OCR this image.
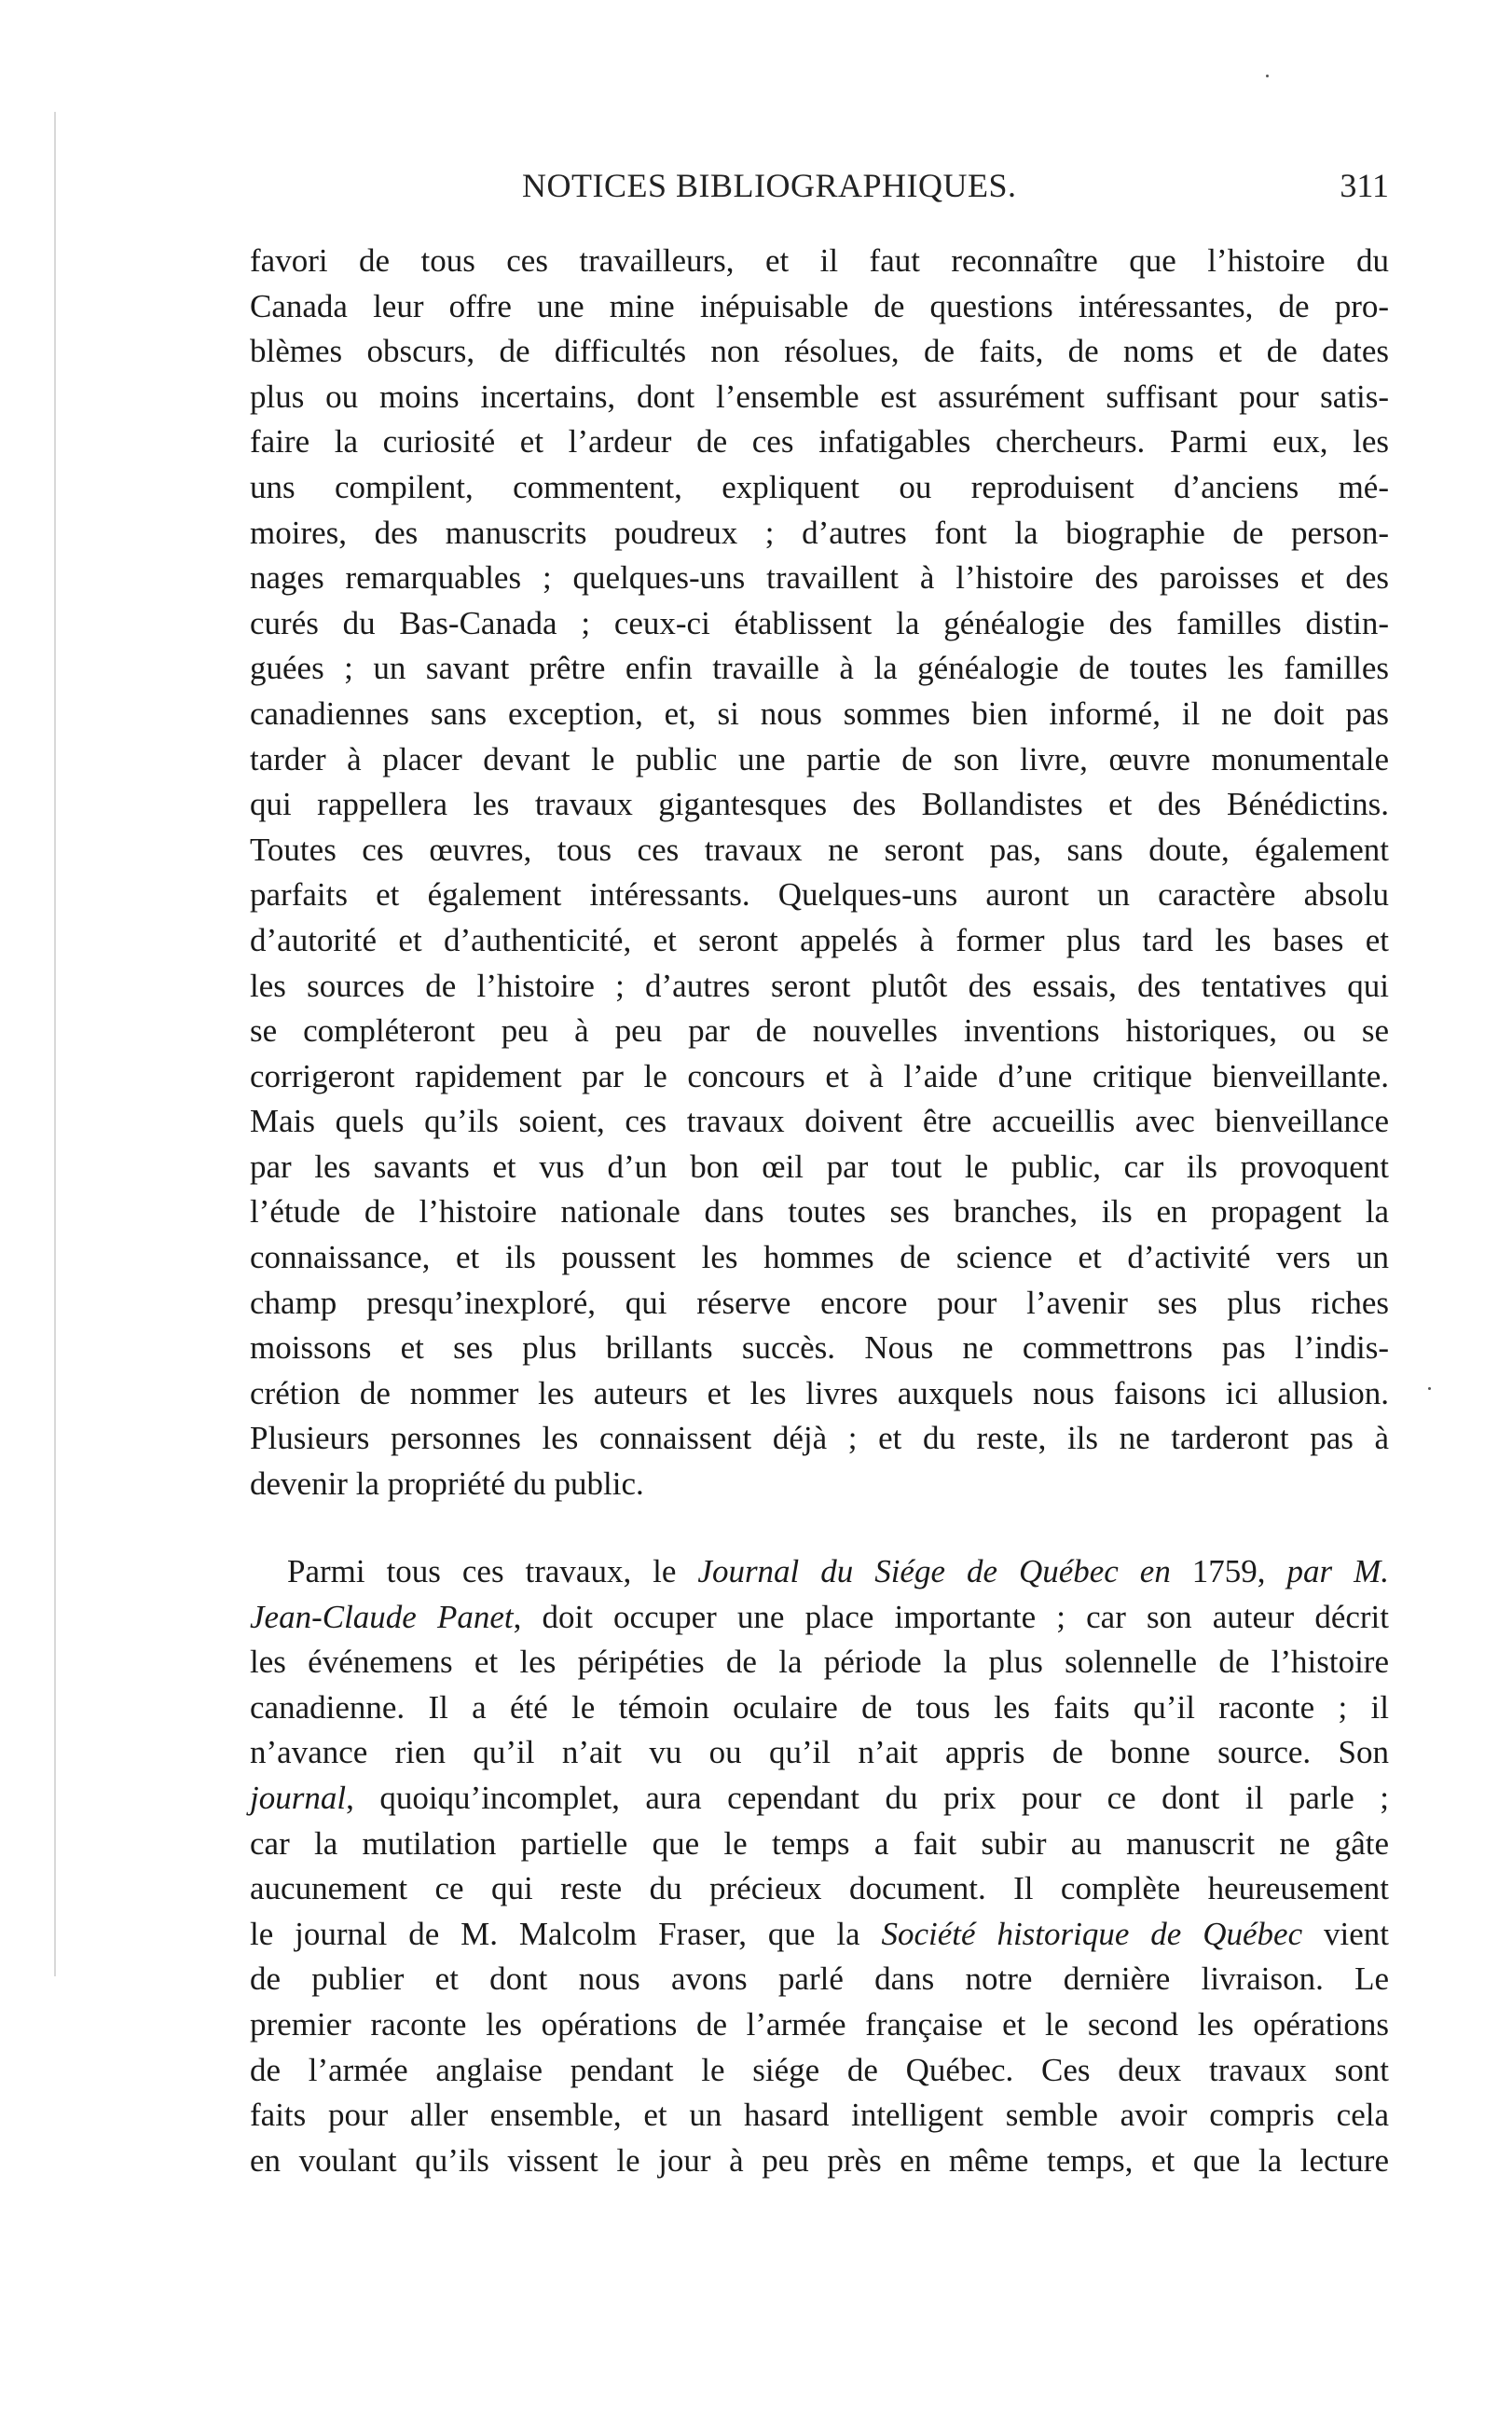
NOTICES BIBLIOGRAPHIQUES.	311

favori de tous ces travailleurs, et il faut reconnaître que l’histoire du
Canada leur offre une mine inépuisable de questions intéressantes, de pro-
blèmes obscurs, de difficultés non résolues, de faits, de noms et de dates
plus ou moins incertains, dont l’ensemble est assurément suffisant pour satis-
faire la curiosité et l’ardeur de ces infatigables chercheurs. Parmi eux, les
uns compilent, commentent, expliquent ou reproduisent d’anciens mé-
moires, des manuscrits poudreux ; d’autres font la biographie de person-
nages remarquables ; quelques-uns travaillent à l’histoire des paroisses et des
curés du Bas-Canada ; ceux-ci établissent la généalogie des familles distin-
guées ; un savant prêtre enfin travaille à la généalogie de toutes les familles
canadiennes sans exception, et, si nous sommes bien informé, il ne doit pas
tarder à placer devant le public une partie de son livre, œuvre monumentale
qui rappellera les travaux gigantesques des Bollandistes et des Bénédictins.
Toutes ces œuvres, tous ces travaux ne seront pas, sans doute, également
parfaits et également intéressants. Quelques-uns auront un caractère absolu
d’autorité et d’authenticité, et seront appelés à former plus tard les bases et
les sources de l’histoire ; d’autres seront plutôt des essais, des tentatives qui
se compléteront peu à peu par de nouvelles inventions historiques, ou se
corrigeront rapidement par le concours et à l’aide d’une critique bienveillante.
Mais quels qu’ils soient, ces travaux doivent être accueillis avec bienveillance
par les savants et vus d’un bon œil par tout le public, car ils provoquent
l’étude de l’histoire nationale dans toutes ses branches, ils en propagent la
connaissance, et ils poussent les hommes de science et d’activité vers un
champ presqu’inexploré, qui réserve encore pour l’avenir ses plus riches
moissons et ses plus brillants succès. Nous ne commettrons pas l’indis-
crétion de nommer les auteurs et les livres auxquels nous faisons ici allusion.
Plusieurs personnes les connaissent déjà ; et du reste, ils ne tarderont pas à
devenir la propriété du public.

Parmi tous ces travaux, le Journal du Siége de Québec en 1759, par M.
Jean-Claude Panet, doit occuper une place importante ; car son auteur décrit
les événemens et les péripéties de la période la plus solennelle de l’histoire
canadienne. Il a été le témoin oculaire de tous les faits qu’il raconte ; il
n’avance rien qu’il n’ait vu ou qu’il n’ait appris de bonne source. Son
journal, quoiqu’incomplet, aura cependant du prix pour ce dont il parle ;
car la mutilation partielle que le temps a fait subir au manuscrit ne gâte
aucunement ce qui reste du précieux document. Il complète heureusement
le journal de M. Malcolm Fraser, que la Société historique de Québec vient
de publier et dont nous avons parlé dans notre dernière livraison. Le
premier raconte les opérations de l’armée française et le second les opérations
de l’armée anglaise pendant le siége de Québec. Ces deux travaux sont
faits pour aller ensemble, et un hasard intelligent semble avoir compris cela
en voulant qu’ils vissent le jour à peu près en même temps, et que la lecture
